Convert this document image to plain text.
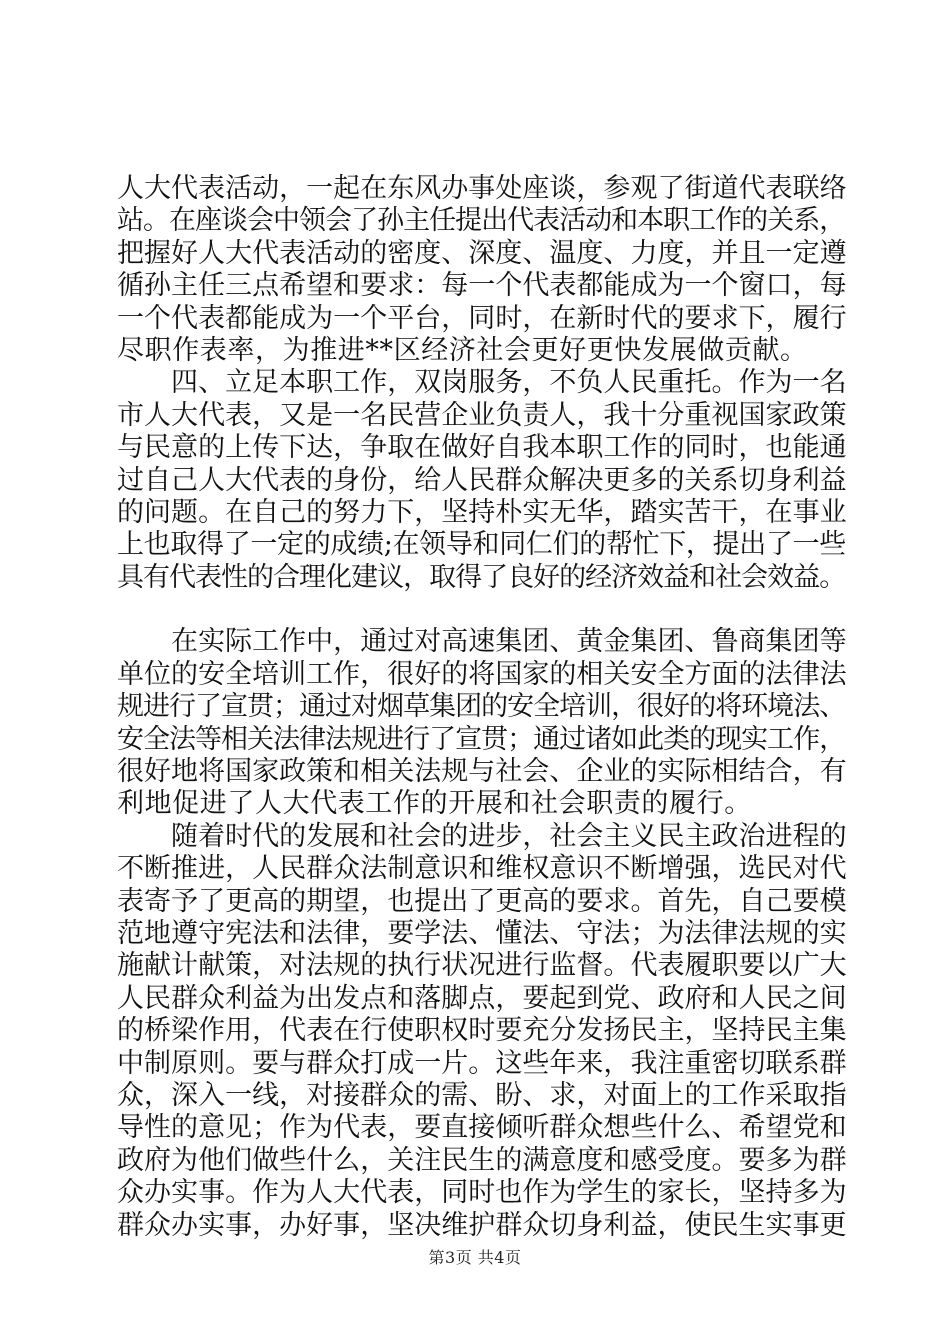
人大代表活动，一起在东风办事处座谈，参观了街道代表联络
站。在座谈会中领会了孙主任提出代表活动和本职工作的关系，
把握好人大代表活动的密度、深度、温度、力度，并且一定遵
循孙主任三点希望和要求：每一个代表都能成为一个窗口，每
一个代表都能成为一个平台，同时，在新时代的要求下，履行
尽职作表率，为推进**区经济社会更好更快发展做贡献。
　　四、立足本职工作，双岗服务，不负人民重托。作为一名
市人大代表，又是一名民营企业负责人，我十分重视国家政策
与民意的上传下达，争取在做好自我本职工作的同时，也能通
过自己人大代表的身份，给人民群众解决更多的关系切身利益
的问题。在自己的努力下，坚持朴实无华，踏实苦干，在事业
上也取得了一定的成绩;在领导和同仁们的帮忙下，提出了一些
具有代表性的合理化建议，取得了良好的经济效益和社会效益。
　　在实际工作中，通过对高速集团、黄金集团、鲁商集团等
单位的安全培训工作，很好的将国家的相关安全方面的法律法
规进行了宣贯；通过对烟草集团的安全培训，很好的将环境法、
安全法等相关法律法规进行了宣贯；通过诸如此类的现实工作，
很好地将国家政策和相关法规与社会、企业的实际相结合，有
利地促进了人大代表工作的开展和社会职责的履行。
　　随着时代的发展和社会的进步，社会主义民主政治进程的
不断推进，人民群众法制意识和维权意识不断增强，选民对代
表寄予了更高的期望，也提出了更高的要求。首先，自己要模
范地遵守宪法和法律，要学法、懂法、守法；为法律法规的实
施献计献策，对法规的执行状况进行监督。代表履职要以广大
人民群众利益为出发点和落脚点，要起到党、政府和人民之间
的桥梁作用，代表在行使职权时要充分发扬民主，坚持民主集
中制原则。要与群众打成一片。这些年来，我注重密切联系群
众，深入一线，对接群众的需、盼、求，对面上的工作采取指
导性的意见；作为代表，要直接倾听群众想些什么、希望党和
政府为他们做些什么，关注民生的满意度和感受度。要多为群
众办实事。作为人大代表，同时也作为学生的家长，坚持多为
群众办实事，办好事，坚决维护群众切身利益，使民生实事更
第3页 共4页
